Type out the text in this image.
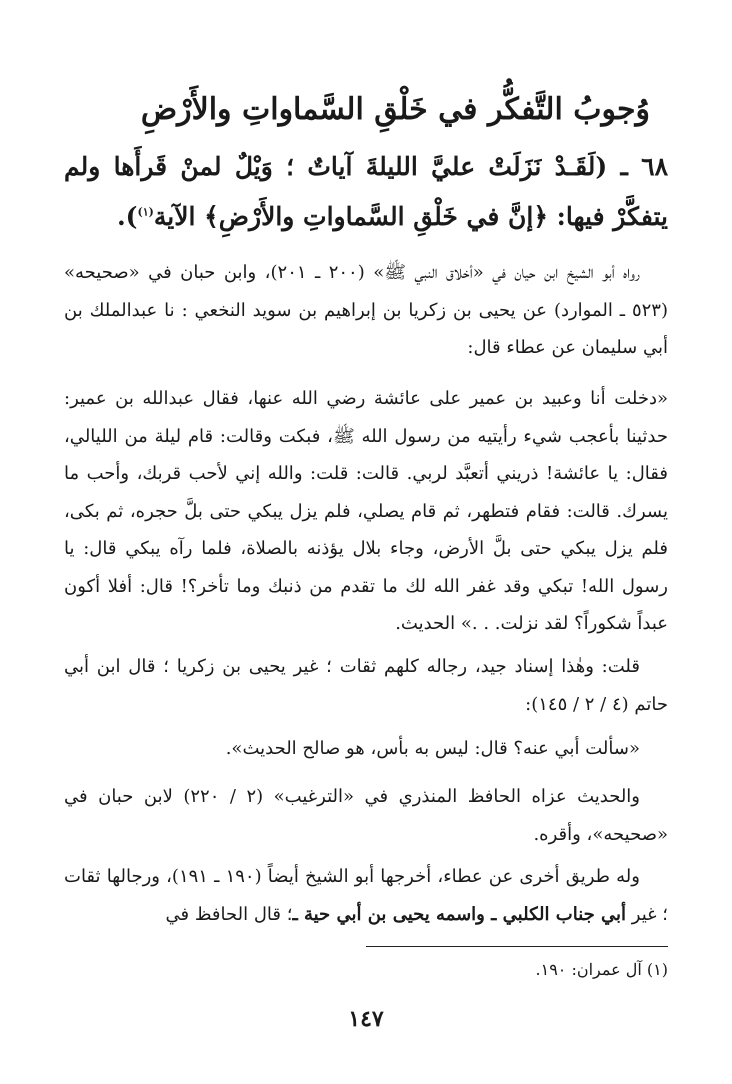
وُجوبُ التَّفكُّر في خَلْقِ السَّماواتِ والأَرْضِ

٦٨ ـ (لَقَـدْ نَزَلَتْ عليَّ الليلةَ آياتٌ ؛ وَيْلٌ لمنْ قَرأَها ولم يتفكَّرْ فيها: ﴿إنَّ في خَلْقِ السَّماواتِ والأَرْضِ﴾ الآية$^{(١)}$).

رواه أبو الشيخ ابن حيان في «أخلاق النبي ﷺ» (٢٠٠ ـ ٢٠١)، وابن حبان في «صحيحه» (٥٢٣ ـ الموارد) عن يحيى بن زكريا بن إبراهيم بن سويد النخعي : نا عبدالملك بن أبي سليمان عن عطاء قال:

«دخلت أنا وعبيد بن عمير على عائشة رضي الله عنها، فقال عبدالله بن عمير: حدثينا بأعجب شيء رأيتيه من رسول الله ﷺ، فبكت وقالت: قام ليلة من الليالي، فقال: يا عائشة! ذريني أتعبَّد لربي. قالت: قلت: والله إني لأحب قربك، وأحب ما يسرك. قالت: فقام فتطهر، ثم قام يصلي، فلم يزل يبكي حتى بلَّ حجره، ثم بكى، فلم يزل يبكي حتى بلَّ الأرض، وجاء بلال يؤذنه بالصلاة، فلما رآه يبكي قال: يا رسول الله! تبكي وقد غفر الله لك ما تقدم من ذنبك وما تأخر؟! قال: أفلا أكون عبداً شكوراً؟ لقد نزلت. . .» الحديث.

قلت: وهٰذا إسناد جيد، رجاله كلهم ثقات ؛ غير يحيى بن زكريا ؛ قال ابن أبي حاتم (٤ / ٢ / ١٤٥):

«سألت أبي عنه؟ قال: ليس به بأس، هو صالح الحديث».

والحديث عزاه الحافظ المنذري في «الترغيب» (٢ / ٢٢٠) لابن حبان في «صحيحه»، وأقره.

وله طريق أخرى عن عطاء، أخرجها أبو الشيخ أيضاً (١٩٠ ـ ١٩١)، ورجالها ثقات ؛ غير أبي جناب الكلبي ـ واسمه يحيى بن أبي حية ـ؛ قال الحافظ في

(١) آل عمران: ١٩٠.

١٤٧
